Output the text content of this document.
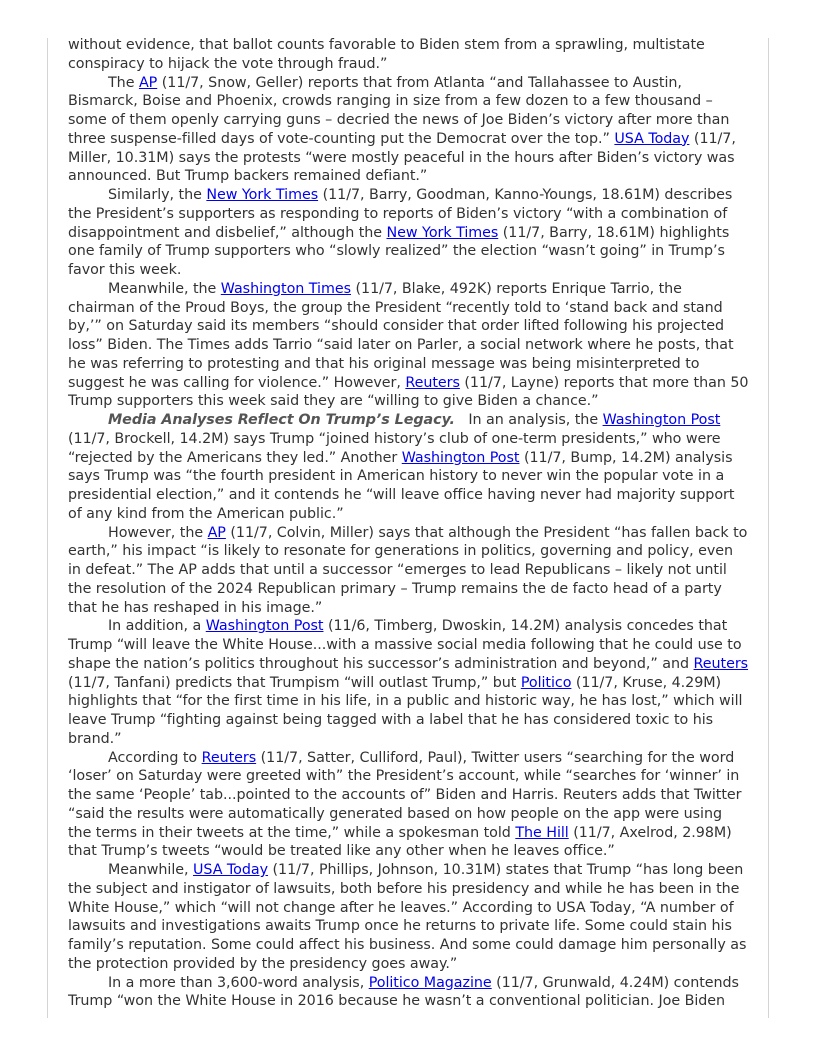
without evidence, that ballot counts favorable to Biden stem from a sprawling, multistate conspiracy to hijack the vote through fraud.”

The AP (11/7, Snow, Geller) reports that from Atlanta “and Tallahassee to Austin, Bismarck, Boise and Phoenix, crowds ranging in size from a few dozen to a few thousand – some of them openly carrying guns – decried the news of Joe Biden’s victory after more than three suspense-filled days of vote-counting put the Democrat over the top.” USA Today (11/7, Miller, 10.31M) says the protests “were mostly peaceful in the hours after Biden’s victory was announced. But Trump backers remained defiant.”

Similarly, the New York Times (11/7, Barry, Goodman, Kanno-Youngs, 18.61M) describes the President’s supporters as responding to reports of Biden’s victory “with a combination of disappointment and disbelief,” although the New York Times (11/7, Barry, 18.61M) highlights one family of Trump supporters who “slowly realized” the election “wasn’t going” in Trump’s favor this week.

Meanwhile, the Washington Times (11/7, Blake, 492K) reports Enrique Tarrio, the chairman of the Proud Boys, the group the President “recently told to ‘stand back and stand by,’” on Saturday said its members “should consider that order lifted following his projected loss” Biden. The Times adds Tarrio “said later on Parler, a social network where he posts, that he was referring to protesting and that his original message was being misinterpreted to suggest he was calling for violence.” However, Reuters (11/7, Layne) reports that more than 50 Trump supporters this week said they are “willing to give Biden a chance.”

Media Analyses Reflect On Trump’s Legacy.   In an analysis, the Washington Post (11/7, Brockell, 14.2M) says Trump “joined history’s club of one-term presidents,” who were “rejected by the Americans they led.” Another Washington Post (11/7, Bump, 14.2M) analysis says Trump was “the fourth president in American history to never win the popular vote in a presidential election,” and it contends he “will leave office having never had majority support of any kind from the American public.”

However, the AP (11/7, Colvin, Miller) says that although the President “has fallen back to earth,” his impact “is likely to resonate for generations in politics, governing and policy, even in defeat.” The AP adds that until a successor “emerges to lead Republicans – likely not until the resolution of the 2024 Republican primary – Trump remains the de facto head of a party that he has reshaped in his image.”

In addition, a Washington Post (11/6, Timberg, Dwoskin, 14.2M) analysis concedes that Trump “will leave the White House...with a massive social media following that he could use to shape the nation’s politics throughout his successor’s administration and beyond,” and Reuters (11/7, Tanfani) predicts that Trumpism “will outlast Trump,” but Politico (11/7, Kruse, 4.29M) highlights that “for the first time in his life, in a public and historic way, he has lost,” which will leave Trump “fighting against being tagged with a label that he has considered toxic to his brand.”

According to Reuters (11/7, Satter, Culliford, Paul), Twitter users “searching for the word ‘loser’ on Saturday were greeted with” the President’s account, while “searches for ‘winner’ in the same ‘People’ tab...pointed to the accounts of” Biden and Harris. Reuters adds that Twitter “said the results were automatically generated based on how people on the app were using the terms in their tweets at the time,” while a spokesman told The Hill (11/7, Axelrod, 2.98M) that Trump’s tweets “would be treated like any other when he leaves office.”

Meanwhile, USA Today (11/7, Phillips, Johnson, 10.31M) states that Trump “has long been the subject and instigator of lawsuits, both before his presidency and while he has been in the White House,” which “will not change after he leaves.” According to USA Today, “A number of lawsuits and investigations awaits Trump once he returns to private life. Some could stain his family’s reputation. Some could affect his business. And some could damage him personally as the protection provided by the presidency goes away.”

In a more than 3,600-word analysis, Politico Magazine (11/7, Grunwald, 4.24M) contends Trump “won the White House in 2016 because he wasn’t a conventional politician. Joe Biden
